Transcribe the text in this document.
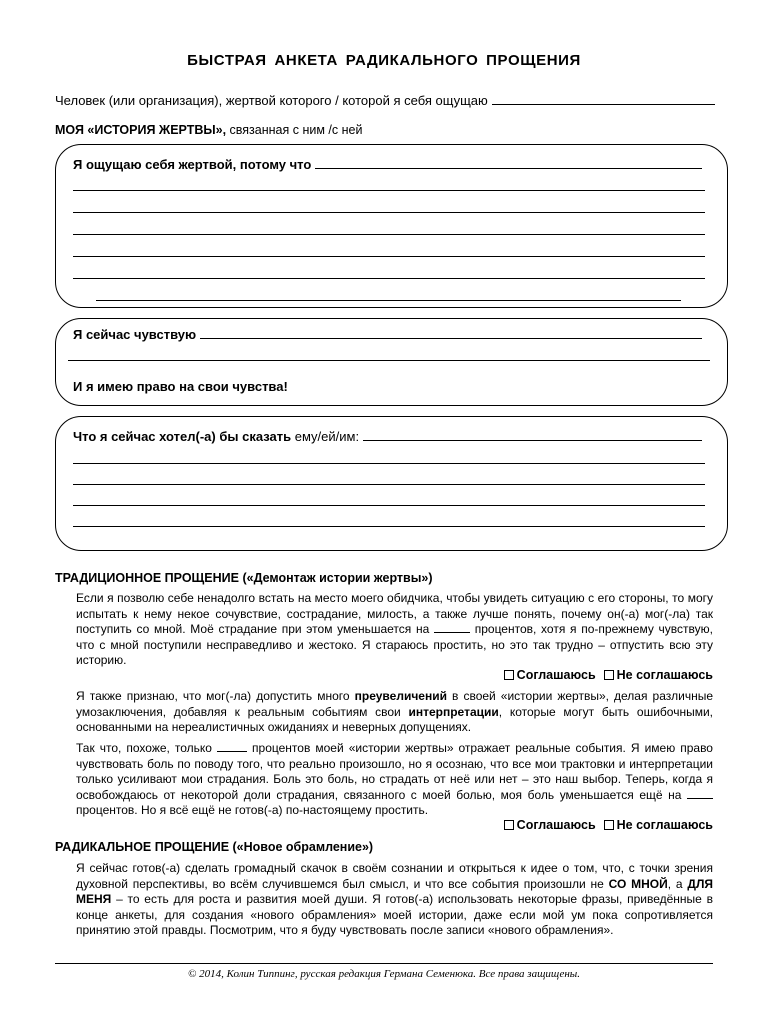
БЫСТРАЯ АНКЕТА РАДИКАЛЬНОГО ПРОЩЕНИЯ
Человек (или организация), жертвой которого / которой я себя ощущаю
МОЯ «ИСТОРИЯ ЖЕРТВЫ», связанная с ним /с ней
Я ощущаю себя жертвой, потому что
Я сейчас чувствую
И я имею право на свои чувства!
Что я сейчас хотел(-а) бы сказать ему/ей/им:
ТРАДИЦИОННОЕ ПРОЩЕНИЕ («Демонтаж истории жертвы»)
Если я позволю себе ненадолго встать на место моего обидчика, чтобы увидеть ситуацию с его стороны, то могу испытать к нему некое сочувствие, сострадание, милость, а также лучше понять, почему он(-а) мог(-ла) так поступить со мной. Моё страдание при этом уменьшается на	процентов, хотя я по-прежнему чувствую, что с мной поступили несправедливо и жестоко. Я стараюсь простить, но это так трудно – отпустить всю эту историю.
Соглашаюсь Не соглашаюсь
Я также признаю, что мог(-ла) допустить много преувеличений в своей «истории жертвы», делая различные умозаключения, добавляя к реальным событиям свои интерпретации, которые могут быть ошибочными, основанными на нереалистичных ожиданиях и неверных допущениях.
Так что, похоже, только	процентов моей «истории жертвы» отражает реальные события. Я имею право чувствовать боль по поводу того, что реально произошло, но я осознаю, что все мои трактовки и интерпретации только усиливают мои страдания. Боль это боль, но страдать от неё или нет – это наш выбор. Теперь, когда я освобождаюсь от некоторой доли страдания, связанного с моей болью, моя боль уменьшается ещё на  процентов. Но я всё ещё не готов(-а) по-настоящему простить.
Соглашаюсь Не соглашаюсь
РАДИКАЛЬНОЕ ПРОЩЕНИЕ («Новое обрамление»)
Я сейчас готов(-а) сделать громадный скачок в своём сознании и открыться к идее о том, что, с точки зрения духовной перспективы, во всём случившемся был смысл, и что все события произошли не СО МНОЙ, а ДЛЯ МЕНЯ – то есть для роста и развития моей души. Я готов(-а) использовать некоторые фразы, приведённые в конце анкеты, для создания «нового обрамления» моей истории, даже если мой ум пока сопротивляется принятию этой правды. Посмотрим, что я буду чувствовать после записи «нового обрамления».
© 2014, Колин Типпинг, русская редакция Германа Семенюка. Все права защищены.
